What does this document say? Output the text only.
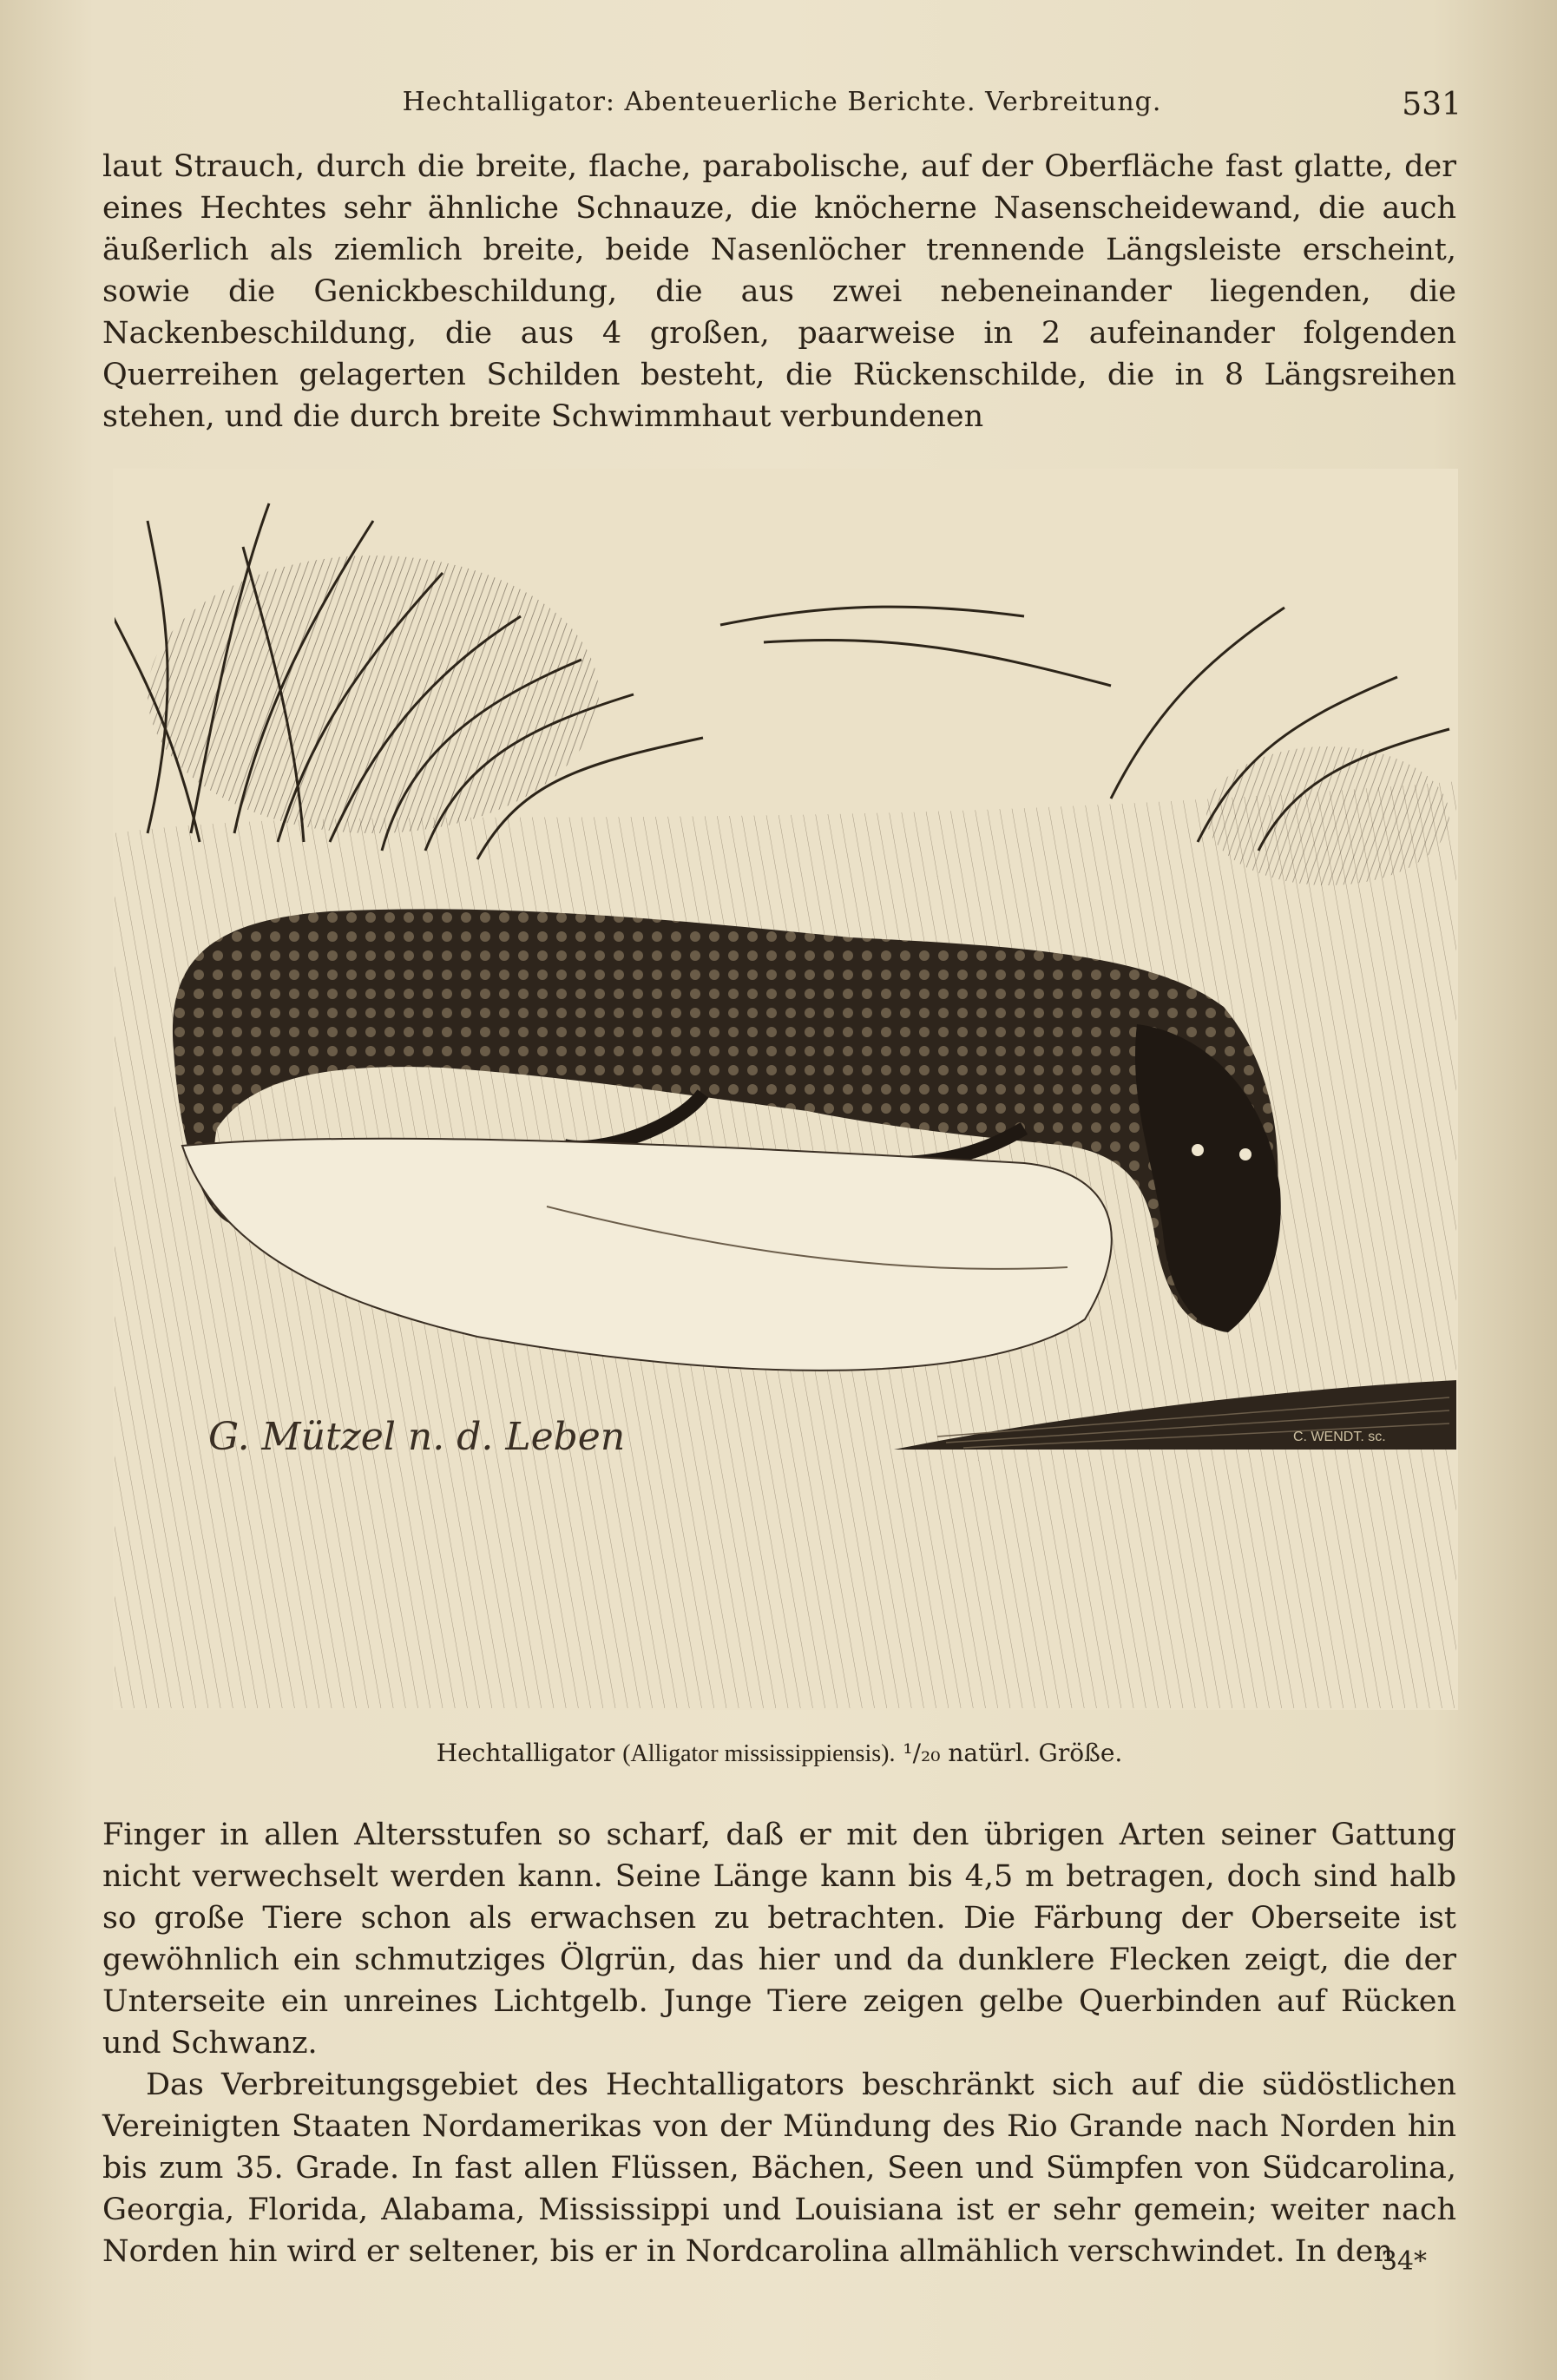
Hechtalligator: Abenteuerliche Berichte. Verbreitung.	531

laut Strauch, durch die breite, flache, parabolische, auf der Oberfläche fast glatte, der eines Hechtes sehr ähnliche Schnauze, die knöcherne Nasenscheidewand, die auch äußerlich als ziemlich breite, beide Nasenlöcher trennende Längsleiste erscheint, sowie die Genickbeschildung, die aus zwei nebeneinander liegenden, die Nackenbeschildung, die aus 4 großen, paarweise in 2 aufeinander folgenden Querreihen gelagerten Schilden besteht, die Rückenschilde, die in 8 Längsreihen stehen, und die durch breite Schwimmhaut verbundenen

G. Mützel n. d. Leben	C. WENDT. sc.
Hechtalligator (Alligator mississippiensis). ¹/₂₀ natürl. Größe.

Finger in allen Altersstufen so scharf, daß er mit den übrigen Arten seiner Gattung nicht verwechselt werden kann. Seine Länge kann bis 4,5 m betragen, doch sind halb so große Tiere schon als erwachsen zu betrachten. Die Färbung der Oberseite ist gewöhnlich ein schmutziges Ölgrün, das hier und da dunklere Flecken zeigt, die der Unterseite ein unreines Lichtgelb. Junge Tiere zeigen gelbe Querbinden auf Rücken und Schwanz.

Das Verbreitungsgebiet des Hechtalligators beschränkt sich auf die südöstlichen Vereinigten Staaten Nordamerikas von der Mündung des Rio Grande nach Norden hin bis zum 35. Grade. In fast allen Flüssen, Bächen, Seen und Sümpfen von Südcarolina, Georgia, Florida, Alabama, Mississippi und Louisiana ist er sehr gemein; weiter nach Norden hin wird er seltener, bis er in Nordcarolina allmählich verschwindet. In den

34*
